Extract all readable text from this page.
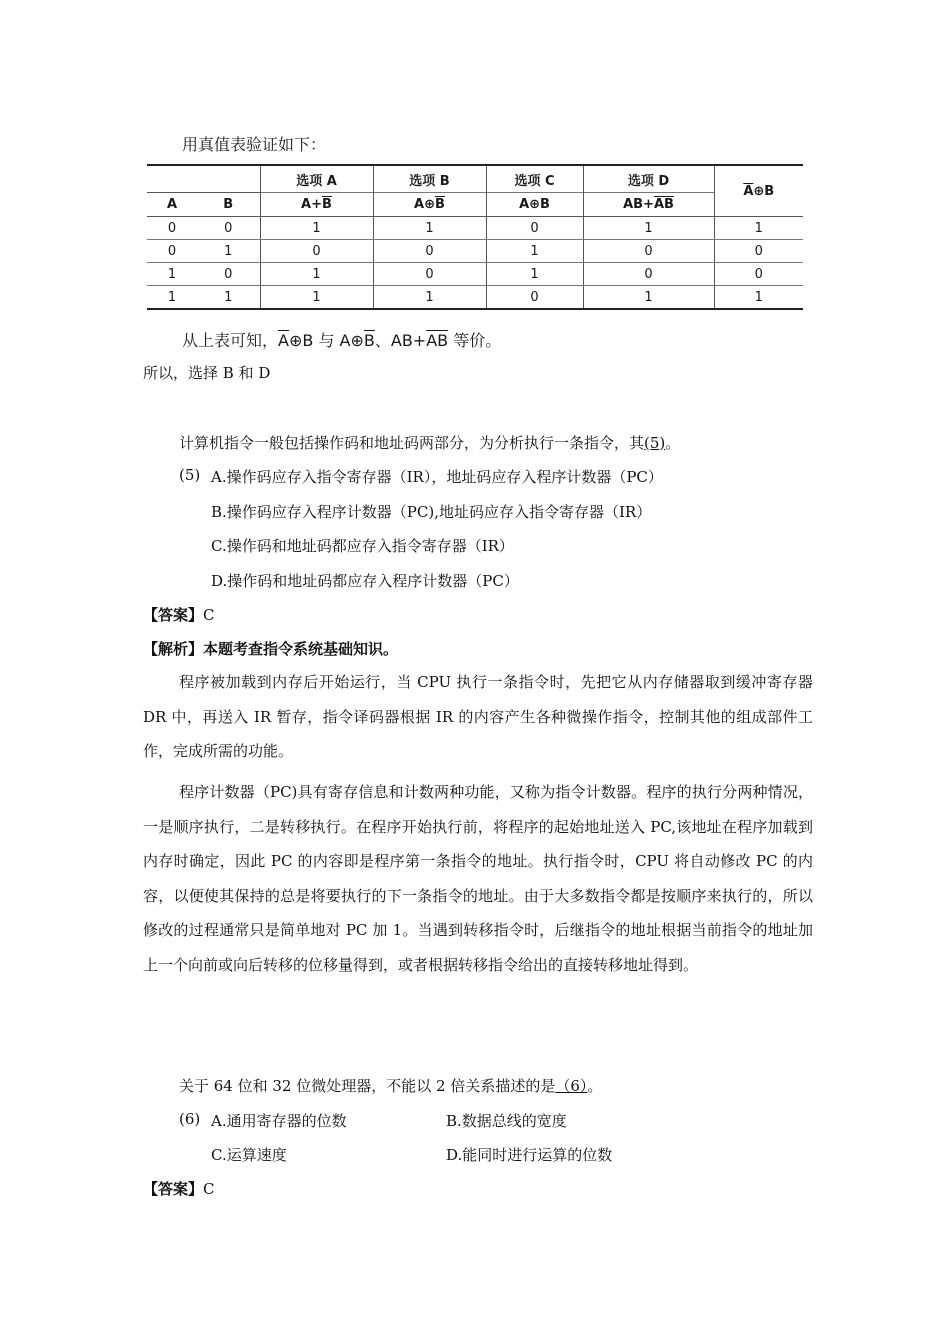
用真值表验证如下：
		选项 A	选项 B	选项 C	选项 D	$\overline{A}\oplus B$
A	B	$A+\overline{B}$	$A\oplus\overline{B}$	A⊕B	$AB+\overline{AB}$
0	0	1	1	0	1	1
0	1	0	0	1	0	0
1	0	1	0	1	0	0
1	1	1	1	0	1	1
从上表可知，$\overline{A}\oplus B$ 与 $A\oplus\overline{B}$、$AB+\overline{AB}$ 等价。
所以，选择 B 和 D
计算机指令一般包括操作码和地址码两部分，为分析执行一条指令，其(5)。
(5) A.操作码应存入指令寄存器（IR），地址码应存入程序计数器（PC）
B.操作码应存入程序计数器（PC),地址码应存入指令寄存器（IR）
C.操作码和地址码都应存入指令寄存器（IR）
D.操作码和地址码都应存入程序计数器（PC）
【答案】C
【解析】本题考查指令系统基础知识。
程序被加载到内存后开始运行，当 CPU 执行一条指令时，先把它从内存储器取到缓冲寄存器 DR 中，再送入 IR 暂存，指令译码器根据 IR 的内容产生各种微操作指令，控制其他的组成部件工作，完成所需的功能。
程序计数器（PC)具有寄存信息和计数两种功能，又称为指令计数器。程序的执行分两种情况，一是顺序执行，二是转移执行。在程序开始执行前，将程序的起始地址送入 PC,该地址在程序加载到内存时确定，因此 PC 的内容即是程序第一条指令的地址。执行指令时，CPU 将自动修改 PC 的内容，以便使其保持的总是将要执行的下一条指令的地址。由于大多数指令都是按顺序来执行的，所以修改的过程通常只是简单地对 PC 加 1。当遇到转移指令时，后继指令的地址根据当前指令的地址加上一个向前或向后转移的位移量得到，或者根据转移指令给出的直接转移地址得到。
关于 64 位和 32 位微处理器，不能以 2 倍关系描述的是（6）。
(6) A.通用寄存器的位数	B.数据总线的宽度
C.运算速度	D.能同时进行运算的位数
【答案】C
